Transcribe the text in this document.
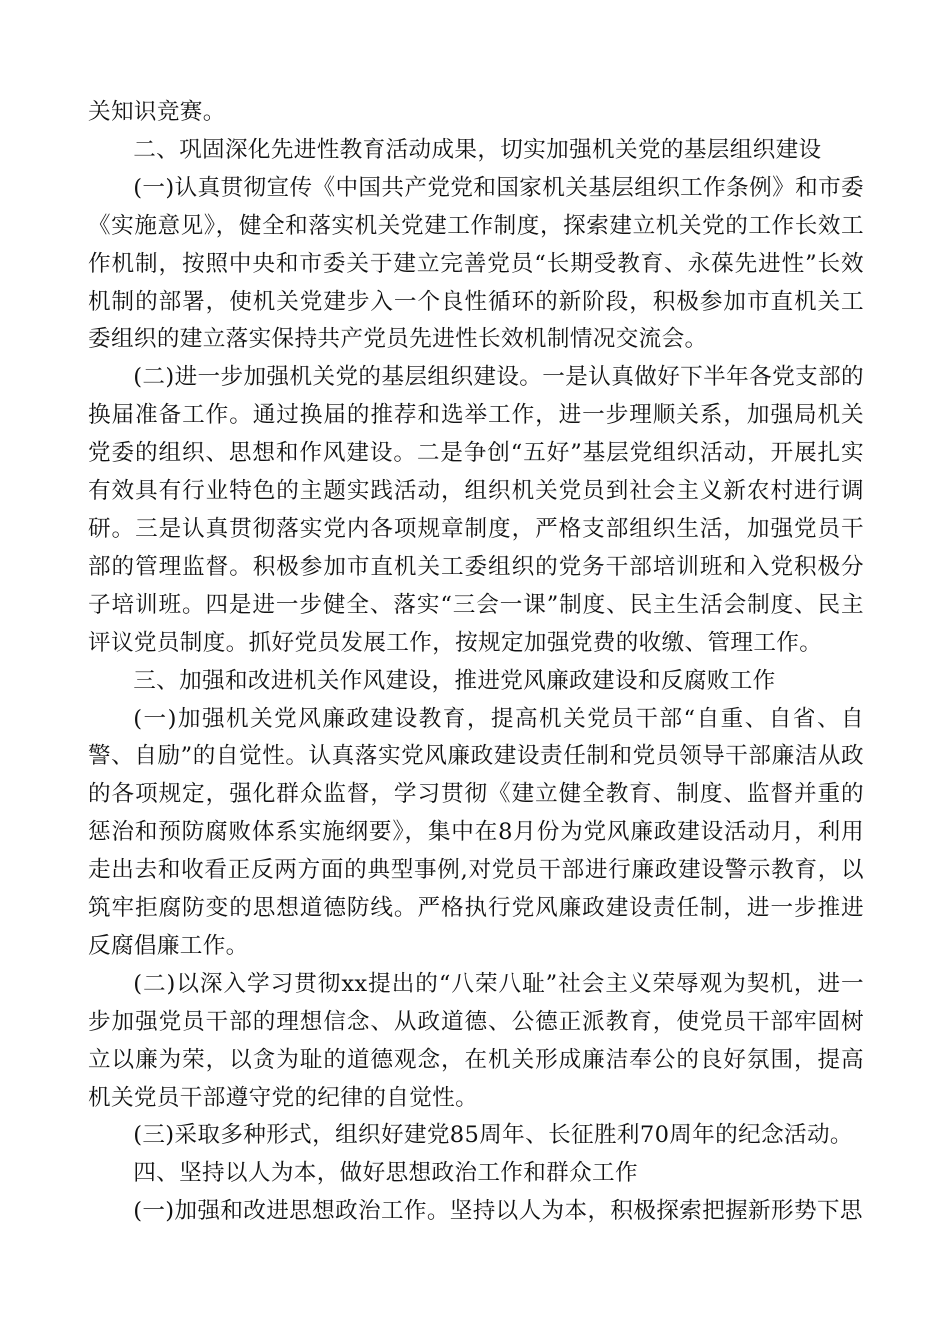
关知识竞赛。

二、巩固深化先进性教育活动成果，切实加强机关党的基层组织建设

(一)认真贯彻宣传《中国共产党党和国家机关基层组织工作条例》和市委《实施意见》，健全和落实机关党建工作制度，探索建立机关党的工作长效工作机制，按照中央和市委关于建立完善党员“长期受教育、永葆先进性”长效机制的部署，使机关党建步入一个良性循环的新阶段，积极参加市直机关工委组织的建立落实保持共产党员先进性长效机制情况交流会。

(二)进一步加强机关党的基层组织建设。一是认真做好下半年各党支部的换届准备工作。通过换届的推荐和选举工作，进一步理顺关系，加强局机关党委的组织、思想和作风建设。二是争创“五好”基层党组织活动，开展扎实有效具有行业特色的主题实践活动，组织机关党员到社会主义新农村进行调研。三是认真贯彻落实党内各项规章制度，严格支部组织生活，加强党员干部的管理监督。积极参加市直机关工委组织的党务干部培训班和入党积极分子培训班。四是进一步健全、落实“三会一课”制度、民主生活会制度、民主评议党员制度。抓好党员发展工作，按规定加强党费的收缴、管理工作。

三、加强和改进机关作风建设，推进党风廉政建设和反腐败工作

(一)加强机关党风廉政建设教育，提高机关党员干部“自重、自省、自警、自励”的自觉性。认真落实党风廉政建设责任制和党员领导干部廉洁从政的各项规定，强化群众监督，学习贯彻《建立健全教育、制度、监督并重的惩治和预防腐败体系实施纲要》，集中在8月份为党风廉政建设活动月，利用走出去和收看正反两方面的典型事例,对党员干部进行廉政建设警示教育，以筑牢拒腐防变的思想道德防线。严格执行党风廉政建设责任制，进一步推进反腐倡廉工作。

(二)以深入学习贯彻xx提出的“八荣八耻”社会主义荣辱观为契机，进一步加强党员干部的理想信念、从政道德、公德正派教育，使党员干部牢固树立以廉为荣，以贪为耻的道德观念，在机关形成廉洁奉公的良好氛围，提高机关党员干部遵守党的纪律的自觉性。

(三)采取多种形式，组织好建党85周年、长征胜利70周年的纪念活动。

四、坚持以人为本，做好思想政治工作和群众工作

(一)加强和改进思想政治工作。坚持以人为本，积极探索把握新形势下思
